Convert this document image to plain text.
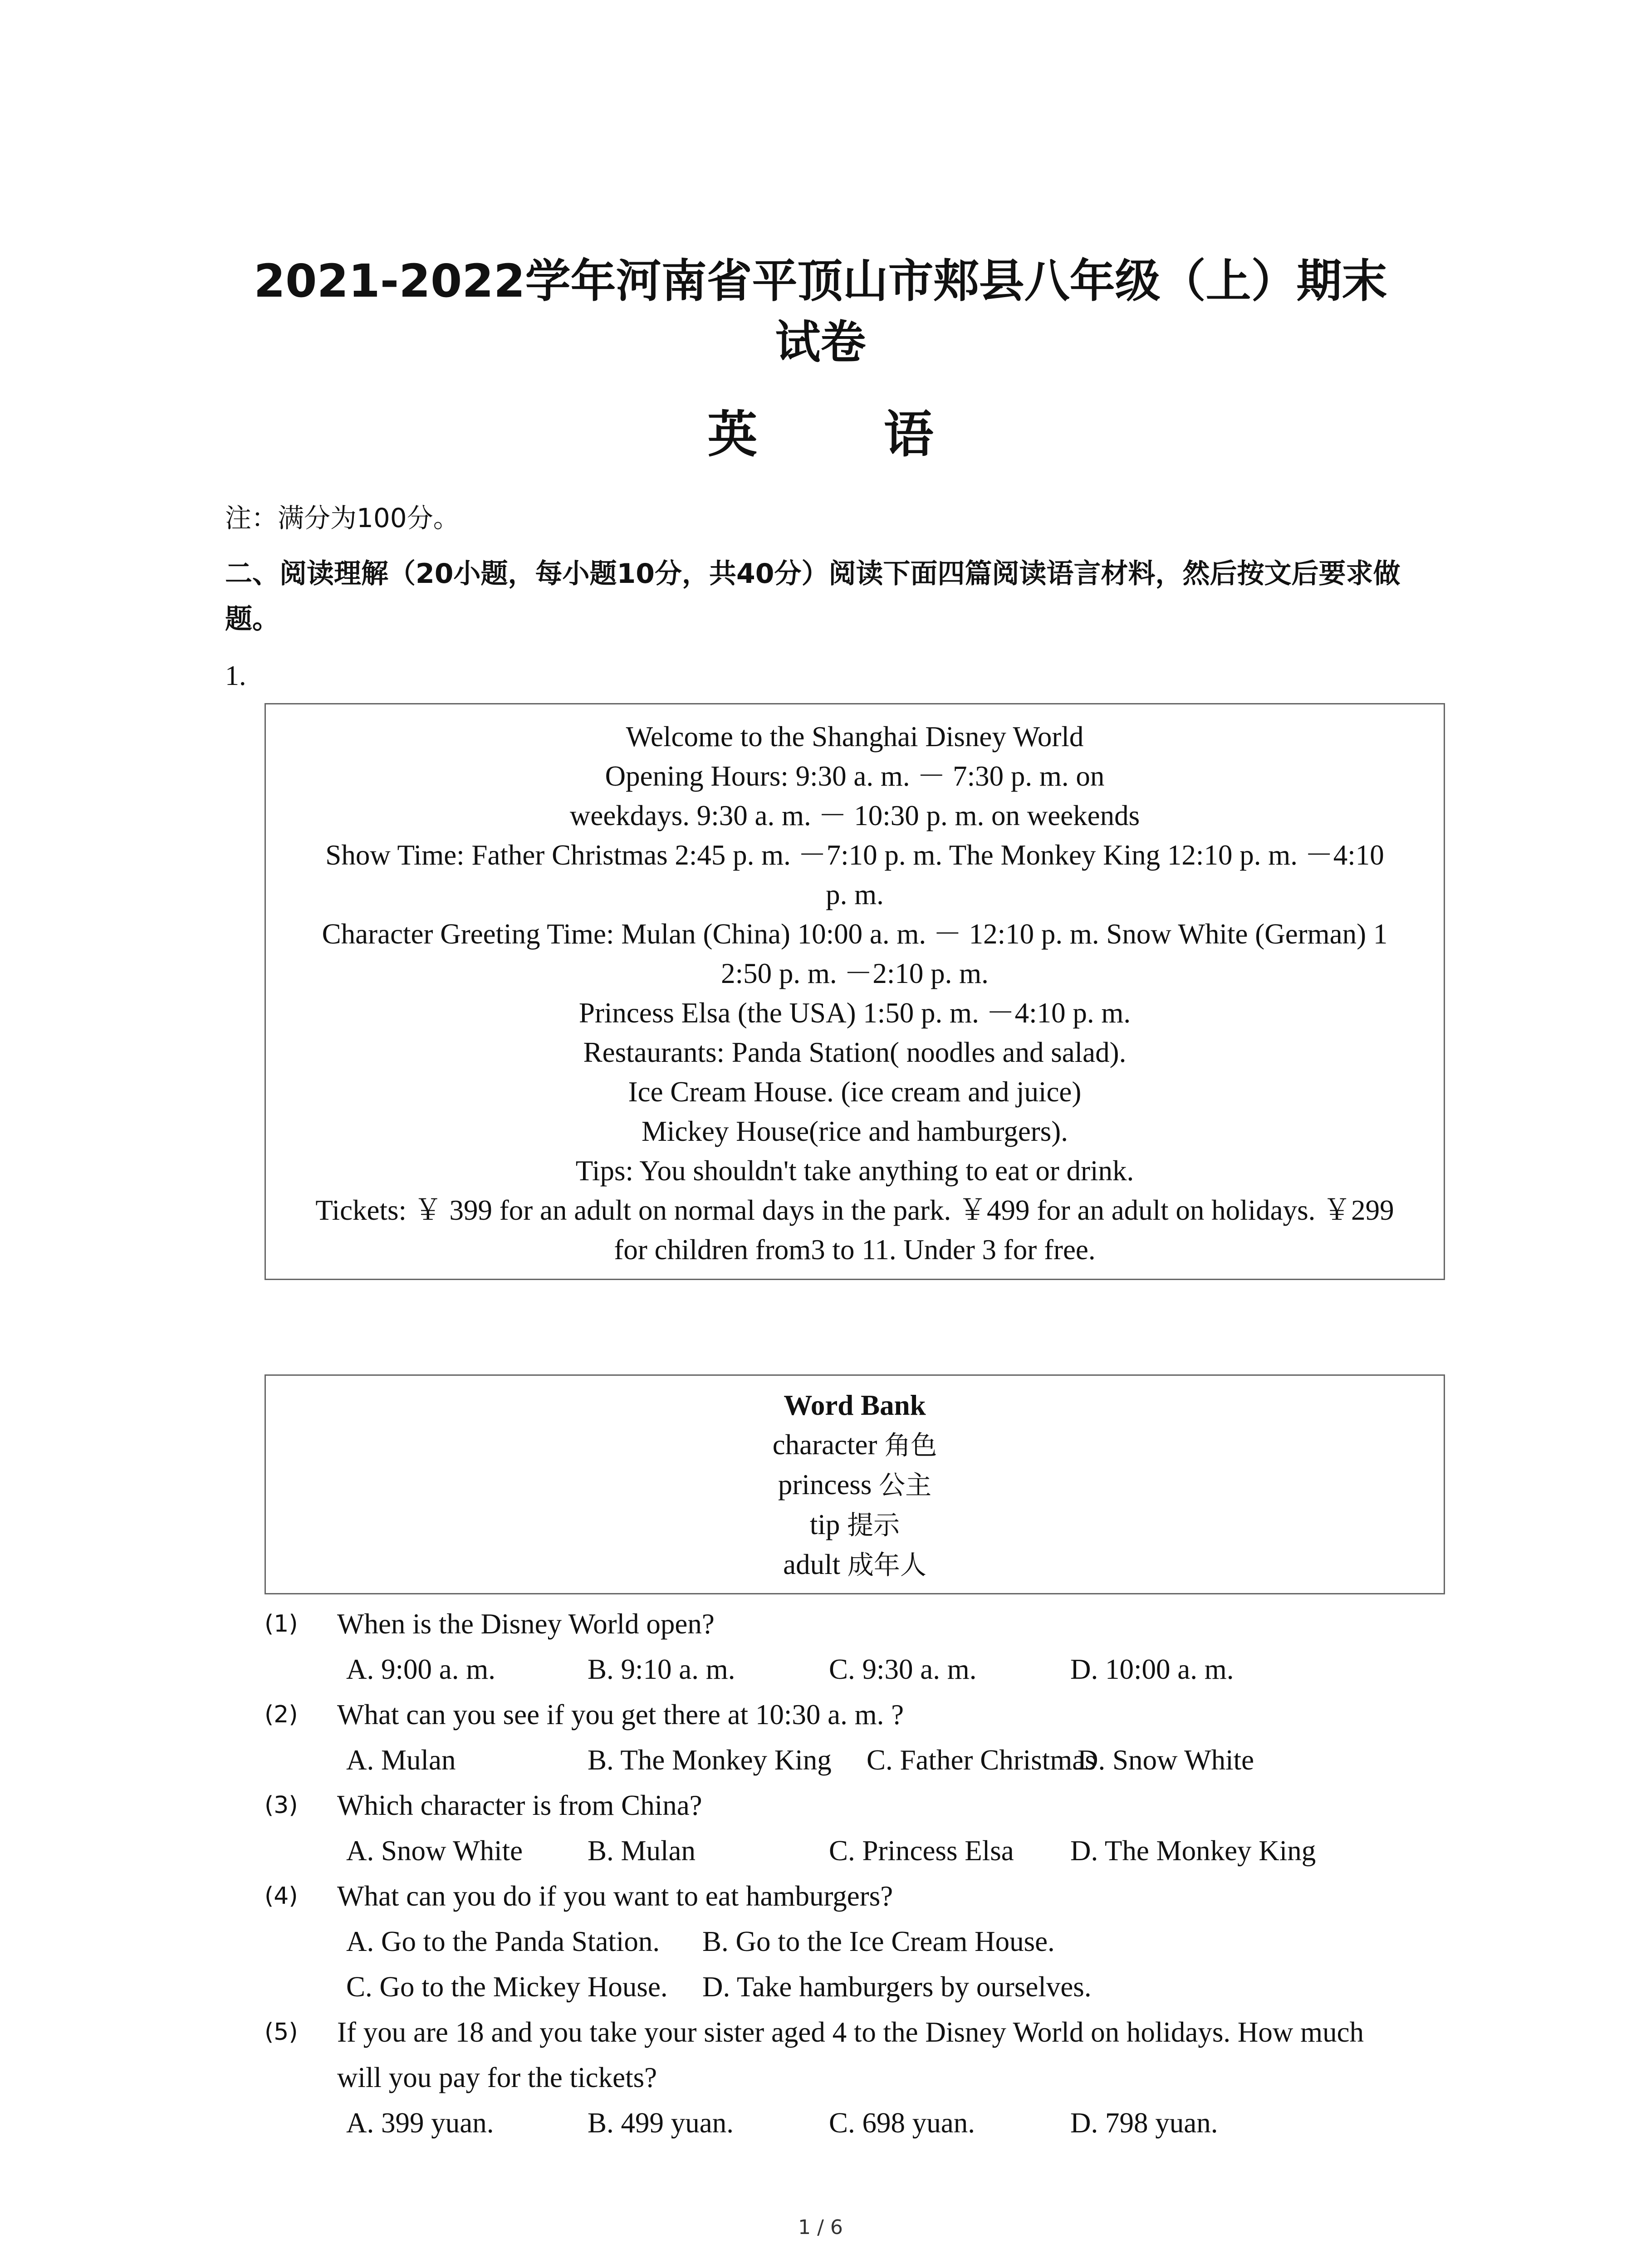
2021-2022学年河南省平顶山市郏县八年级（上）期末
试卷
英 语
注：满分为100分。
二、阅读理解（20小题，每小题10分，共40分）阅读下面四篇阅读语言材料，然后按文后要求做题。
1.
Welcome to the Shanghai Disney World
Opening Hours: 9:30 a. m. － 7:30 p. m. on
weekdays. 9:30 a. m. － 10:30 p. m. on weekends
Show Time: Father Christmas 2:45 p. m. －7:10 p. m. The Monkey King 12:10 p. m. －4:10
p. m.
Character Greeting Time: Mulan (China) 10:00 a. m. － 12:10 p. m. Snow White (German) 1
2:50 p. m. －2:10 p. m.
Princess Elsa (the USA) 1:50 p. m. －4:10 p. m.
Restaurants: Panda Station( noodles and salad).
Ice Cream House. (ice cream and juice)
Mickey House(rice and hamburgers).
Tips: You shouldn't take anything to eat or drink.
Tickets: ￥ 399 for an adult on normal days in the park. ￥499 for an adult on holidays. ￥299
for children from3 to 11. Under 3 for free.
Word Bank
character 角色
princess 公主
tip 提示
adult 成年人
(1) When is the Disney World open?
A. 9:00 a. m.	B. 9:10 a. m.	C. 9:30 a. m.	D. 10:00 a. m.
(2) What can you see if you get there at 10:30 a. m. ?
A. Mulan	B. The Monkey King	C. Father Christmas
D. Snow White
(3) Which character is from China?
A. Snow White	B. Mulan	C. Princess Elsa	D. The Monkey King
(4) What can you do if you want to eat hamburgers?
A. Go to the Panda Station.	B. Go to the Ice Cream House.
C. Go to the Mickey House.	D. Take hamburgers by ourselves.
(5) If you are 18 and you take your sister aged 4 to the Disney World on holidays. How much
will you pay for the tickets?
A. 399 yuan.	B. 499 yuan.	C. 698 yuan.	D. 798 yuan.
1 / 6
